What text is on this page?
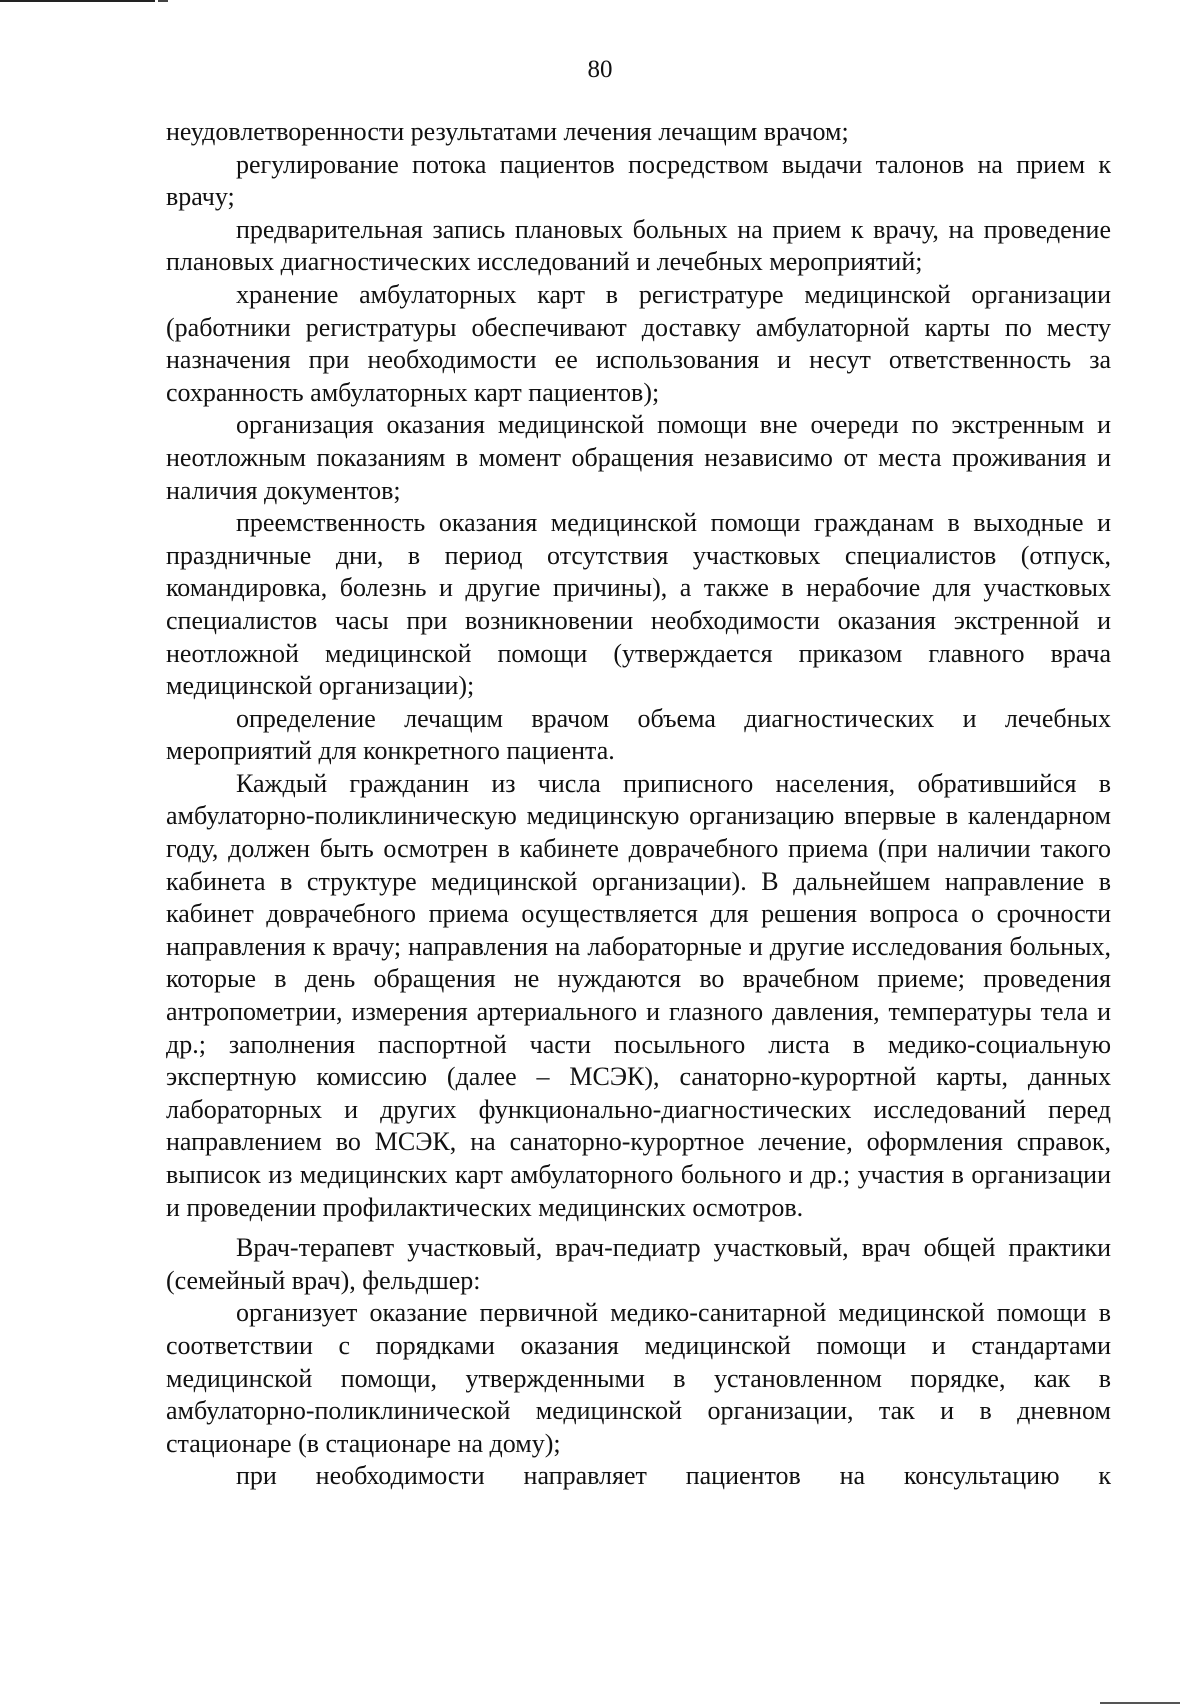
80

неудовлетворенности результатами лечения лечащим врачом;

регулирование потока пациентов посредством выдачи талонов на прием к врачу;

предварительная запись плановых больных на прием к врачу, на проведение плановых диагностических исследований и лечебных мероприятий;

хранение амбулаторных карт в регистратуре медицинской организации (работники регистратуры обеспечивают доставку амбулаторной карты по месту назначения при необходимости ее использования и несут ответственность за сохранность амбулаторных карт пациентов);

организация оказания медицинской помощи вне очереди по экстренным и неотложным показаниям в момент обращения независимо от места проживания и наличия документов;

преемственность оказания медицинской помощи гражданам в выходные и праздничные дни, в период отсутствия участковых специалистов (отпуск, командировка, болезнь и другие причины), а также в нерабочие для участковых специалистов часы при возникновении необходимости оказания экстренной и неотложной медицинской помощи (утверждается приказом главного врача медицинской организации);

определение лечащим врачом объема диагностических и лечебных мероприятий для конкретного пациента.

Каждый гражданин из числа приписного населения, обратившийся в амбулаторно-поликлиническую медицинскую организацию впервые в календарном году, должен быть осмотрен в кабинете доврачебного приема (при наличии такого кабинета в структуре медицинской организации). В дальнейшем направление в кабинет доврачебного приема осуществляется для решения вопроса о срочности направления к врачу; направления на лабораторные и другие исследования больных, которые в день обращения не нуждаются во врачебном приеме; проведения антропометрии, измерения артериального и глазного давления, температуры тела и др.; заполнения паспортной части посыльного листа в медико-социальную экспертную комиссию (далее – МСЭК), санаторно-курортной карты, данных лабораторных и других функционально-диагностических исследований перед направлением во МСЭК, на санаторно-курортное лечение, оформления справок, выписок из медицинских карт амбулаторного больного и др.; участия в организации и проведении профилактических медицинских осмотров.

Врач-терапевт участковый, врач-педиатр участковый, врач общей практики (семейный врач), фельдшер:

организует оказание первичной медико-санитарной медицинской помощи в соответствии с порядками оказания медицинской помощи и стандартами медицинской помощи, утвержденными в установленном порядке, как в амбулаторно-поликлинической медицинской организации, так и в дневном стационаре (в стационаре на дому);

при необходимости направляет пациентов на консультацию к
